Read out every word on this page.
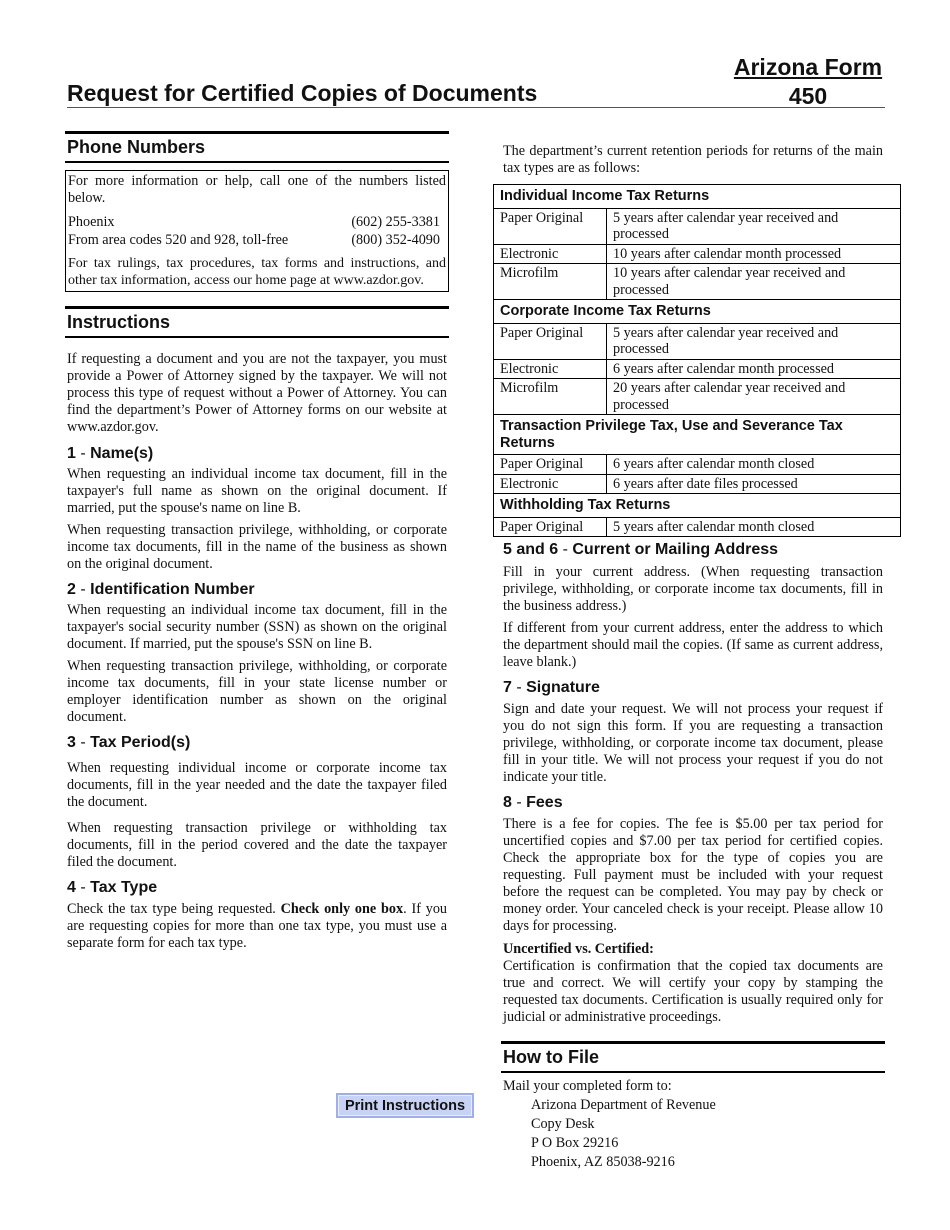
Request for Certified Copies of Documents
Arizona Form
450
Phone Numbers
For more information or help, call one of the numbers listed below.
Phoenix	(602) 255-3381
From area codes 520 and 928, toll-free	(800) 352-4090
For tax rulings, tax procedures, tax forms and instructions, and other tax information, access our home page at www.azdor.gov.
Instructions
If requesting a document and you are not the taxpayer, you must provide a Power of Attorney signed by the taxpayer. We will not process this type of request without a Power of Attorney. You can find the department’s Power of Attorney forms on our website at www.azdor.gov.
1 - Name(s)
When requesting an individual income tax document, fill in the taxpayer's full name as shown on the original document. If married, put the spouse's name on line B.
When requesting transaction privilege, withholding, or corporate income tax documents, fill in the name of the business as shown on the original document.
2 - Identification Number
When requesting an individual income tax document, fill in the taxpayer's social security number (SSN) as shown on the original document. If married, put the spouse's SSN on line B.
When requesting transaction privilege, withholding, or corporate income tax documents, fill in your state license number or employer identification number as shown on the original document.
3 - Tax Period(s)
When requesting individual income or corporate income tax documents, fill in the year needed and the date the taxpayer filed the document.
When requesting transaction privilege or withholding tax documents, fill in the period covered and the date the taxpayer filed the document.
4 - Tax Type
Check the tax type being requested. Check only one box. If you are requesting copies for more than one tax type, you must use a separate form for each tax type.
Print Instructions
The department’s current retention periods for returns of the main tax types are as follows:
Individual Income Tax Returns	
Paper Original	5 years after calendar year received and processed
Electronic	10 years after calendar month processed
Microfilm	10 years after calendar year received and processed
Corporate Income Tax Returns	
Paper Original	5 years after calendar year received and processed
Electronic	6 years after calendar month processed
Microfilm	20 years after calendar year received and processed
Transaction Privilege Tax, Use and Severance Tax Returns	
Paper Original	6 years after calendar month closed
Electronic	6 years after date files processed
Withholding Tax Returns	
Paper Original	5 years after calendar month closed
5 and 6 - Current or Mailing Address
Fill in your current address. (When requesting transaction privilege, withholding, or corporate income tax documents, fill in the business address.)
If different from your current address, enter the address to which the department should mail the copies. (If same as current address, leave blank.)
7 - Signature
Sign and date your request. We will not process your request if you do not sign this form. If you are requesting a transaction privilege, withholding, or corporate income tax document, please fill in your title. We will not process your request if you do not indicate your title.
8 - Fees
There is a fee for copies. The fee is $5.00 per tax period for uncertified copies and $7.00 per tax period for certified copies. Check the appropriate box for the type of copies you are requesting. Full payment must be included with your request before the request can be completed. You may pay by check or money order. Your canceled check is your receipt. Please allow 10 days for processing.
Uncertified vs. Certified:
Certification is confirmation that the copied tax documents are true and correct. We will certify your copy by stamping the requested tax documents. Certification is usually required only for judicial or administrative proceedings.
How to File
Mail your completed form to:
Arizona Department of Revenue
Copy Desk
P O Box 29216
Phoenix, AZ 85038-9216
